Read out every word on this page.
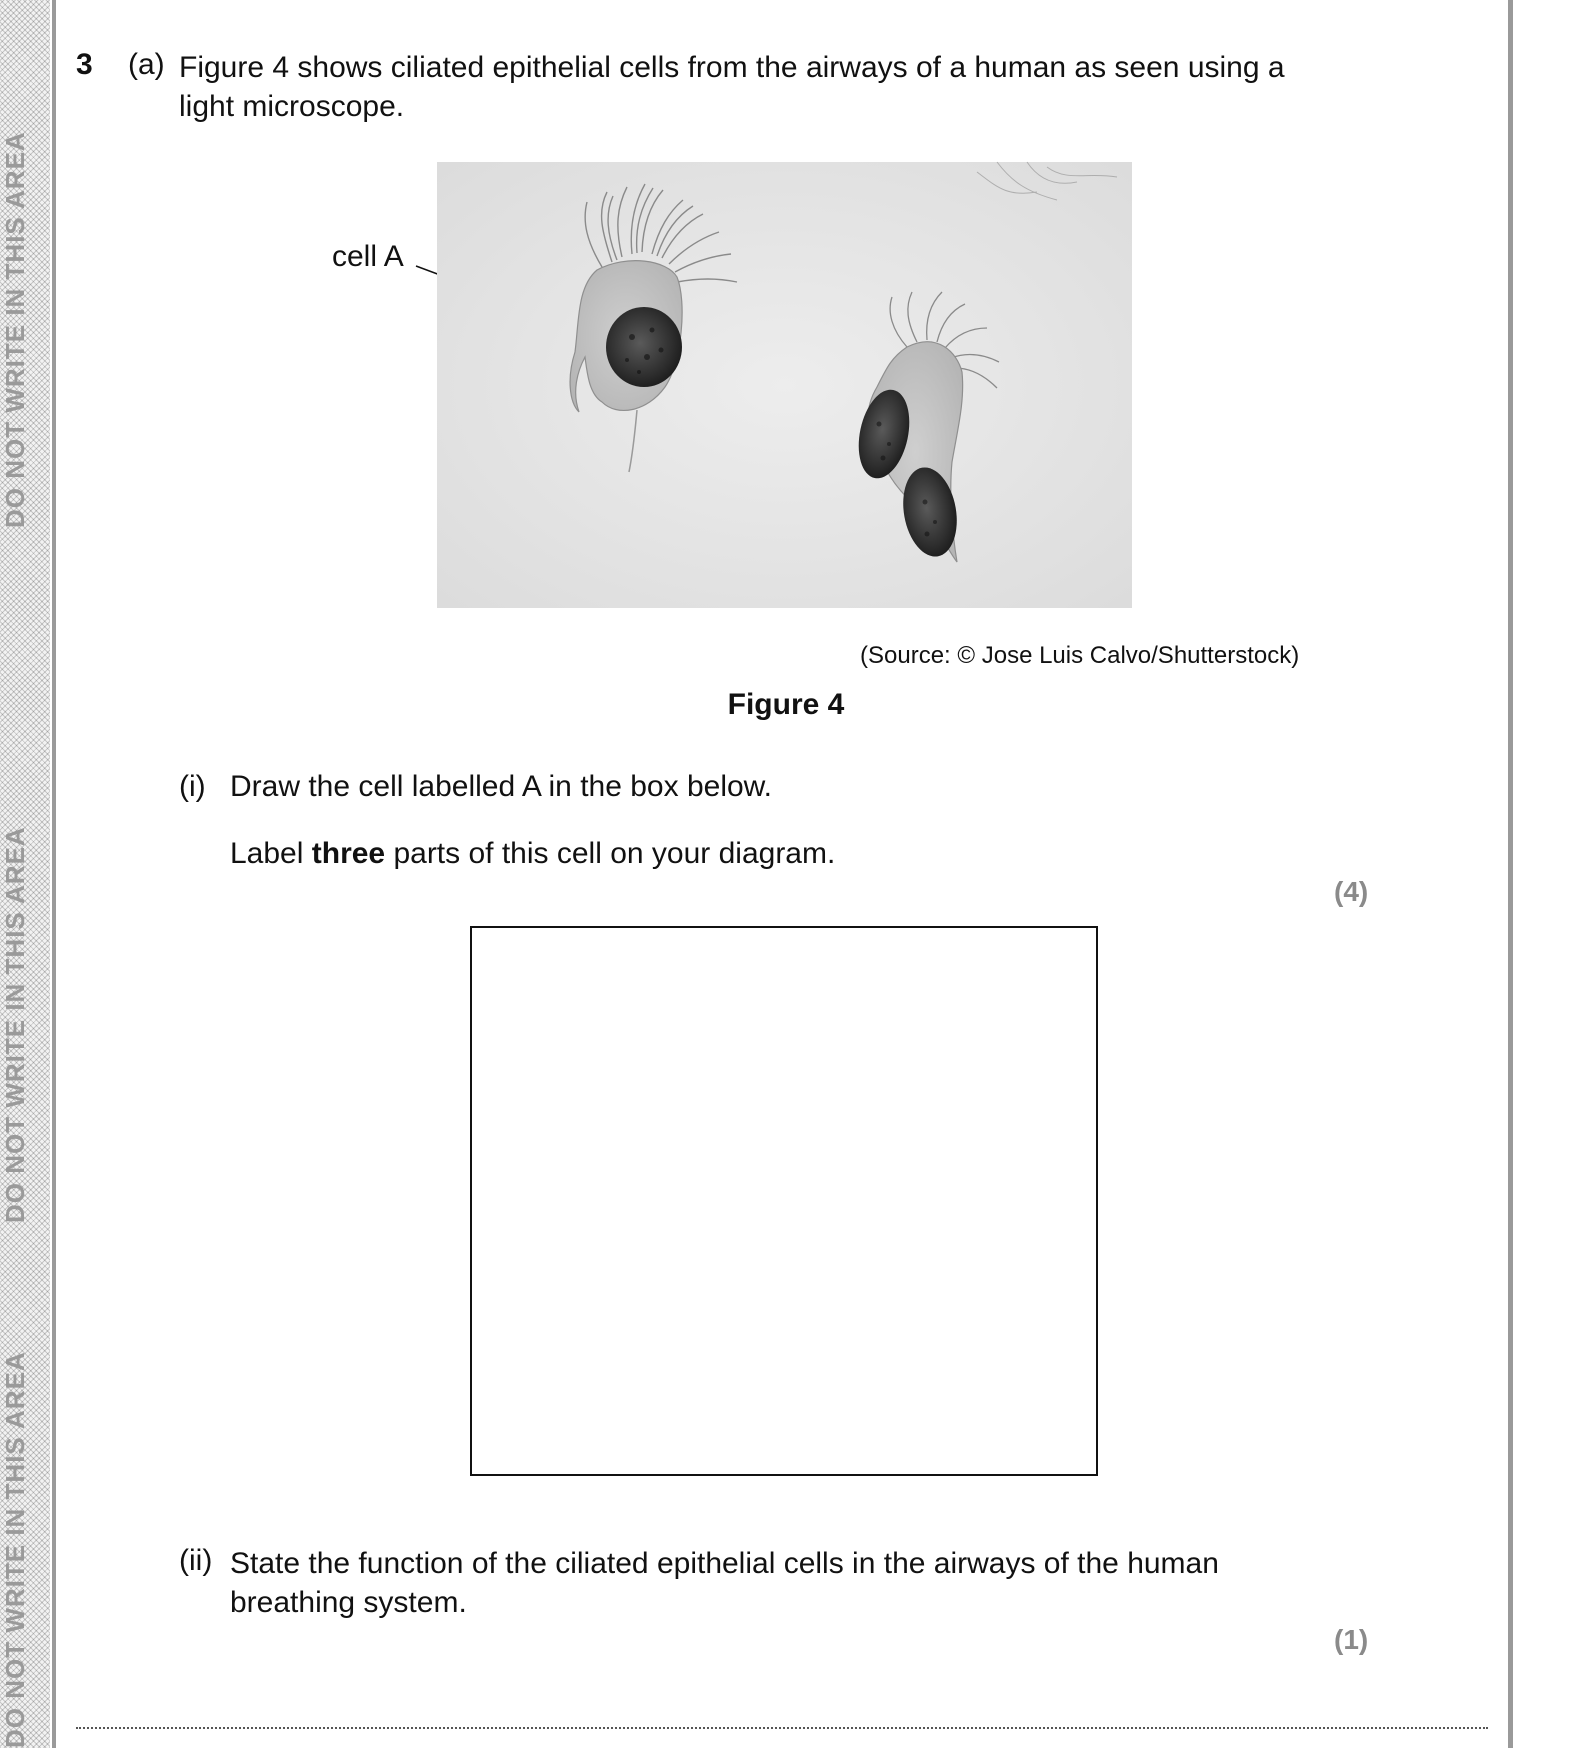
DO NOT WRITE IN THIS AREA
DO NOT WRITE IN THIS AREA
DO NOT WRITE IN THIS AREA
3 (a) Figure 4 shows ciliated epithelial cells from the airways of a human as seen using a light microscope.
cell A
(Source: © Jose Luis Calvo/Shutterstock)
Figure 4
(i) Draw the cell labelled A in the box below.
Label three parts of this cell on your diagram.
(4)
(ii) State the function of the ciliated epithelial cells in the airways of the human breathing system.
(1)
